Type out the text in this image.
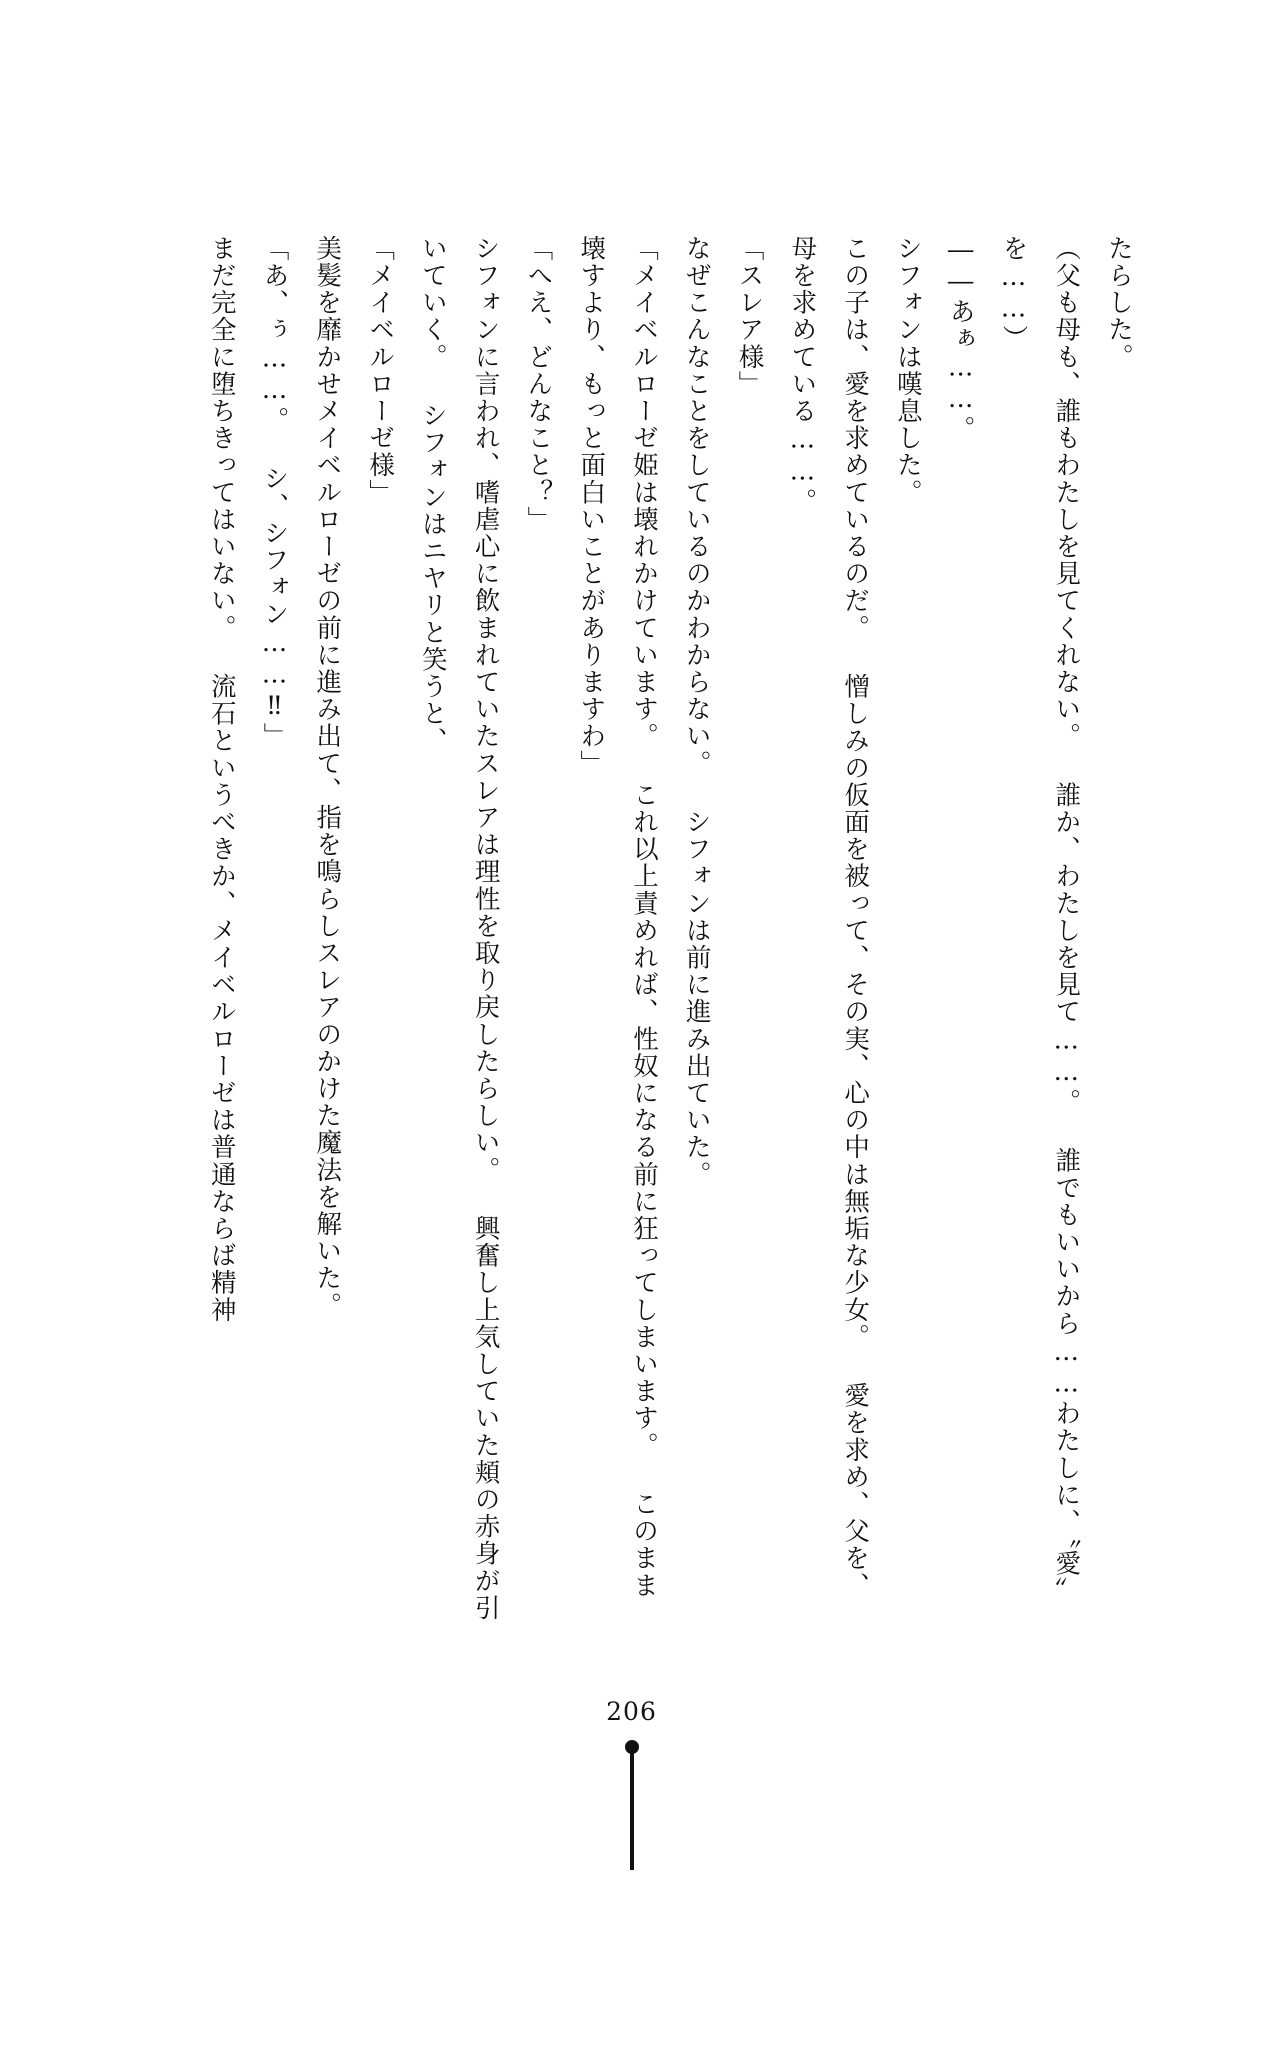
たらした。

（父も母も、誰もわたしを見てくれない。 誰か、わたしを見て……。 誰でもいいから……わたしに、〝愛〟を……）

――あぁ……。

シフォンは嘆息した。

この子は、愛を求めているのだ。 憎しみの仮面を被って、その実、心の中は無垢な少女。 愛を求め、父を、母を求めている……。

「スレア様」

なぜこんなことをしているのかわからない。 シフォンは前に進み出ていた。

「メイベルローゼ姫は壊れかけています。 これ以上責めれば、性奴になる前に狂ってしまいます。 このまま壊すより、もっと面白いことがありますわ」

「へえ、どんなこと？」

シフォンに言われ、嗜虐心に飲まれていたスレアは理性を取り戻したらしい。 興奮し上気していた頬の赤身が引いていく。 シフォンはニヤリと笑うと、

「メイベルローゼ様」

美髪を靡かせメイベルローゼの前に進み出て、指を鳴らしスレアのかけた魔法を解いた。

「あ、ぅ……。 シ、シフォン……‼」

まだ完全に堕ちきってはいない。 流石というべきか、メイベルローゼは普通ならば精神

206
